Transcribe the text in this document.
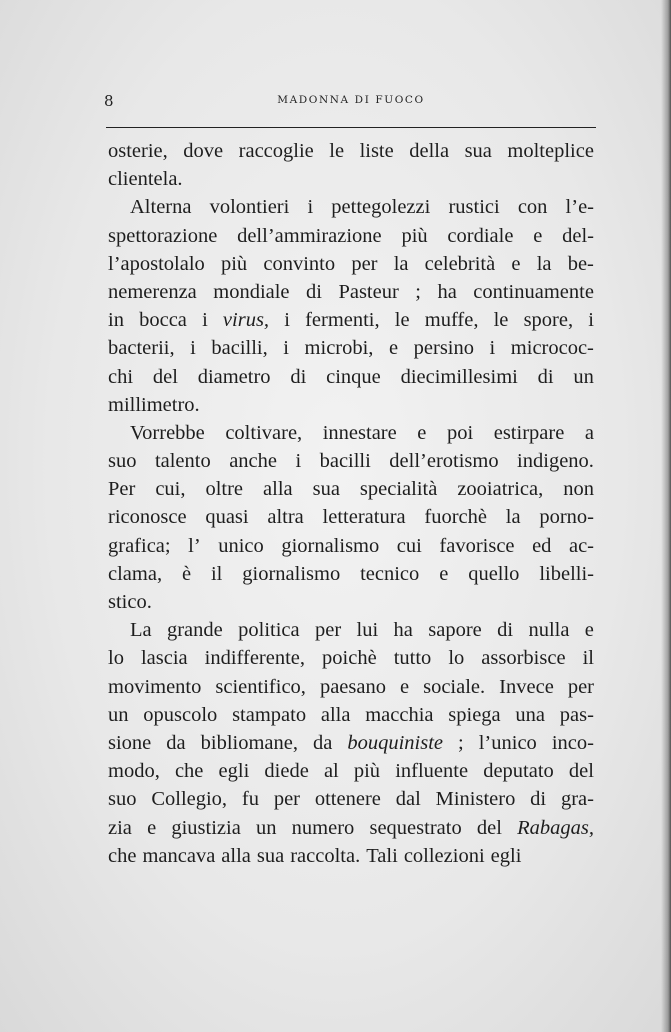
8	MADONNA DI FUOCO
osterie, dove raccoglie le liste della sua molteplice
clientela.
Alterna volontieri i pettegolezzi rustici con l’e-
spettorazione dell’ammirazione più cordiale e del-
l’apostolalo più convinto per la celebrità e la be-
nemerenza mondiale di Pasteur ; ha continuamente
in bocca i virus, i fermenti, le muffe, le spore, i
bacterii, i bacilli, i microbi, e persino i micrococ-
chi del diametro di cinque diecimillesimi di un
millimetro.
Vorrebbe coltivare, innestare e poi estirpare a
suo talento anche i bacilli dell’erotismo indigeno.
Per cui, oltre alla sua specialità zooiatrica, non
riconosce quasi altra letteratura fuorchè la porno-
grafica; l’ unico giornalismo cui favorisce ed ac-
clama, è il giornalismo tecnico e quello libelli-
stico.
La grande politica per lui ha sapore di nulla e
lo lascia indifferente, poichè tutto lo assorbisce il
movimento scientifico, paesano e sociale. Invece per
un opuscolo stampato alla macchia spiega una pas-
sione da bibliomane, da bouquiniste ; l’unico inco-
modo, che egli diede al più influente deputato del
suo Collegio, fu per ottenere dal Ministero di gra-
zia e giustizia un numero sequestrato del Rabagas,
che mancava alla sua raccolta. Tali collezioni egli
